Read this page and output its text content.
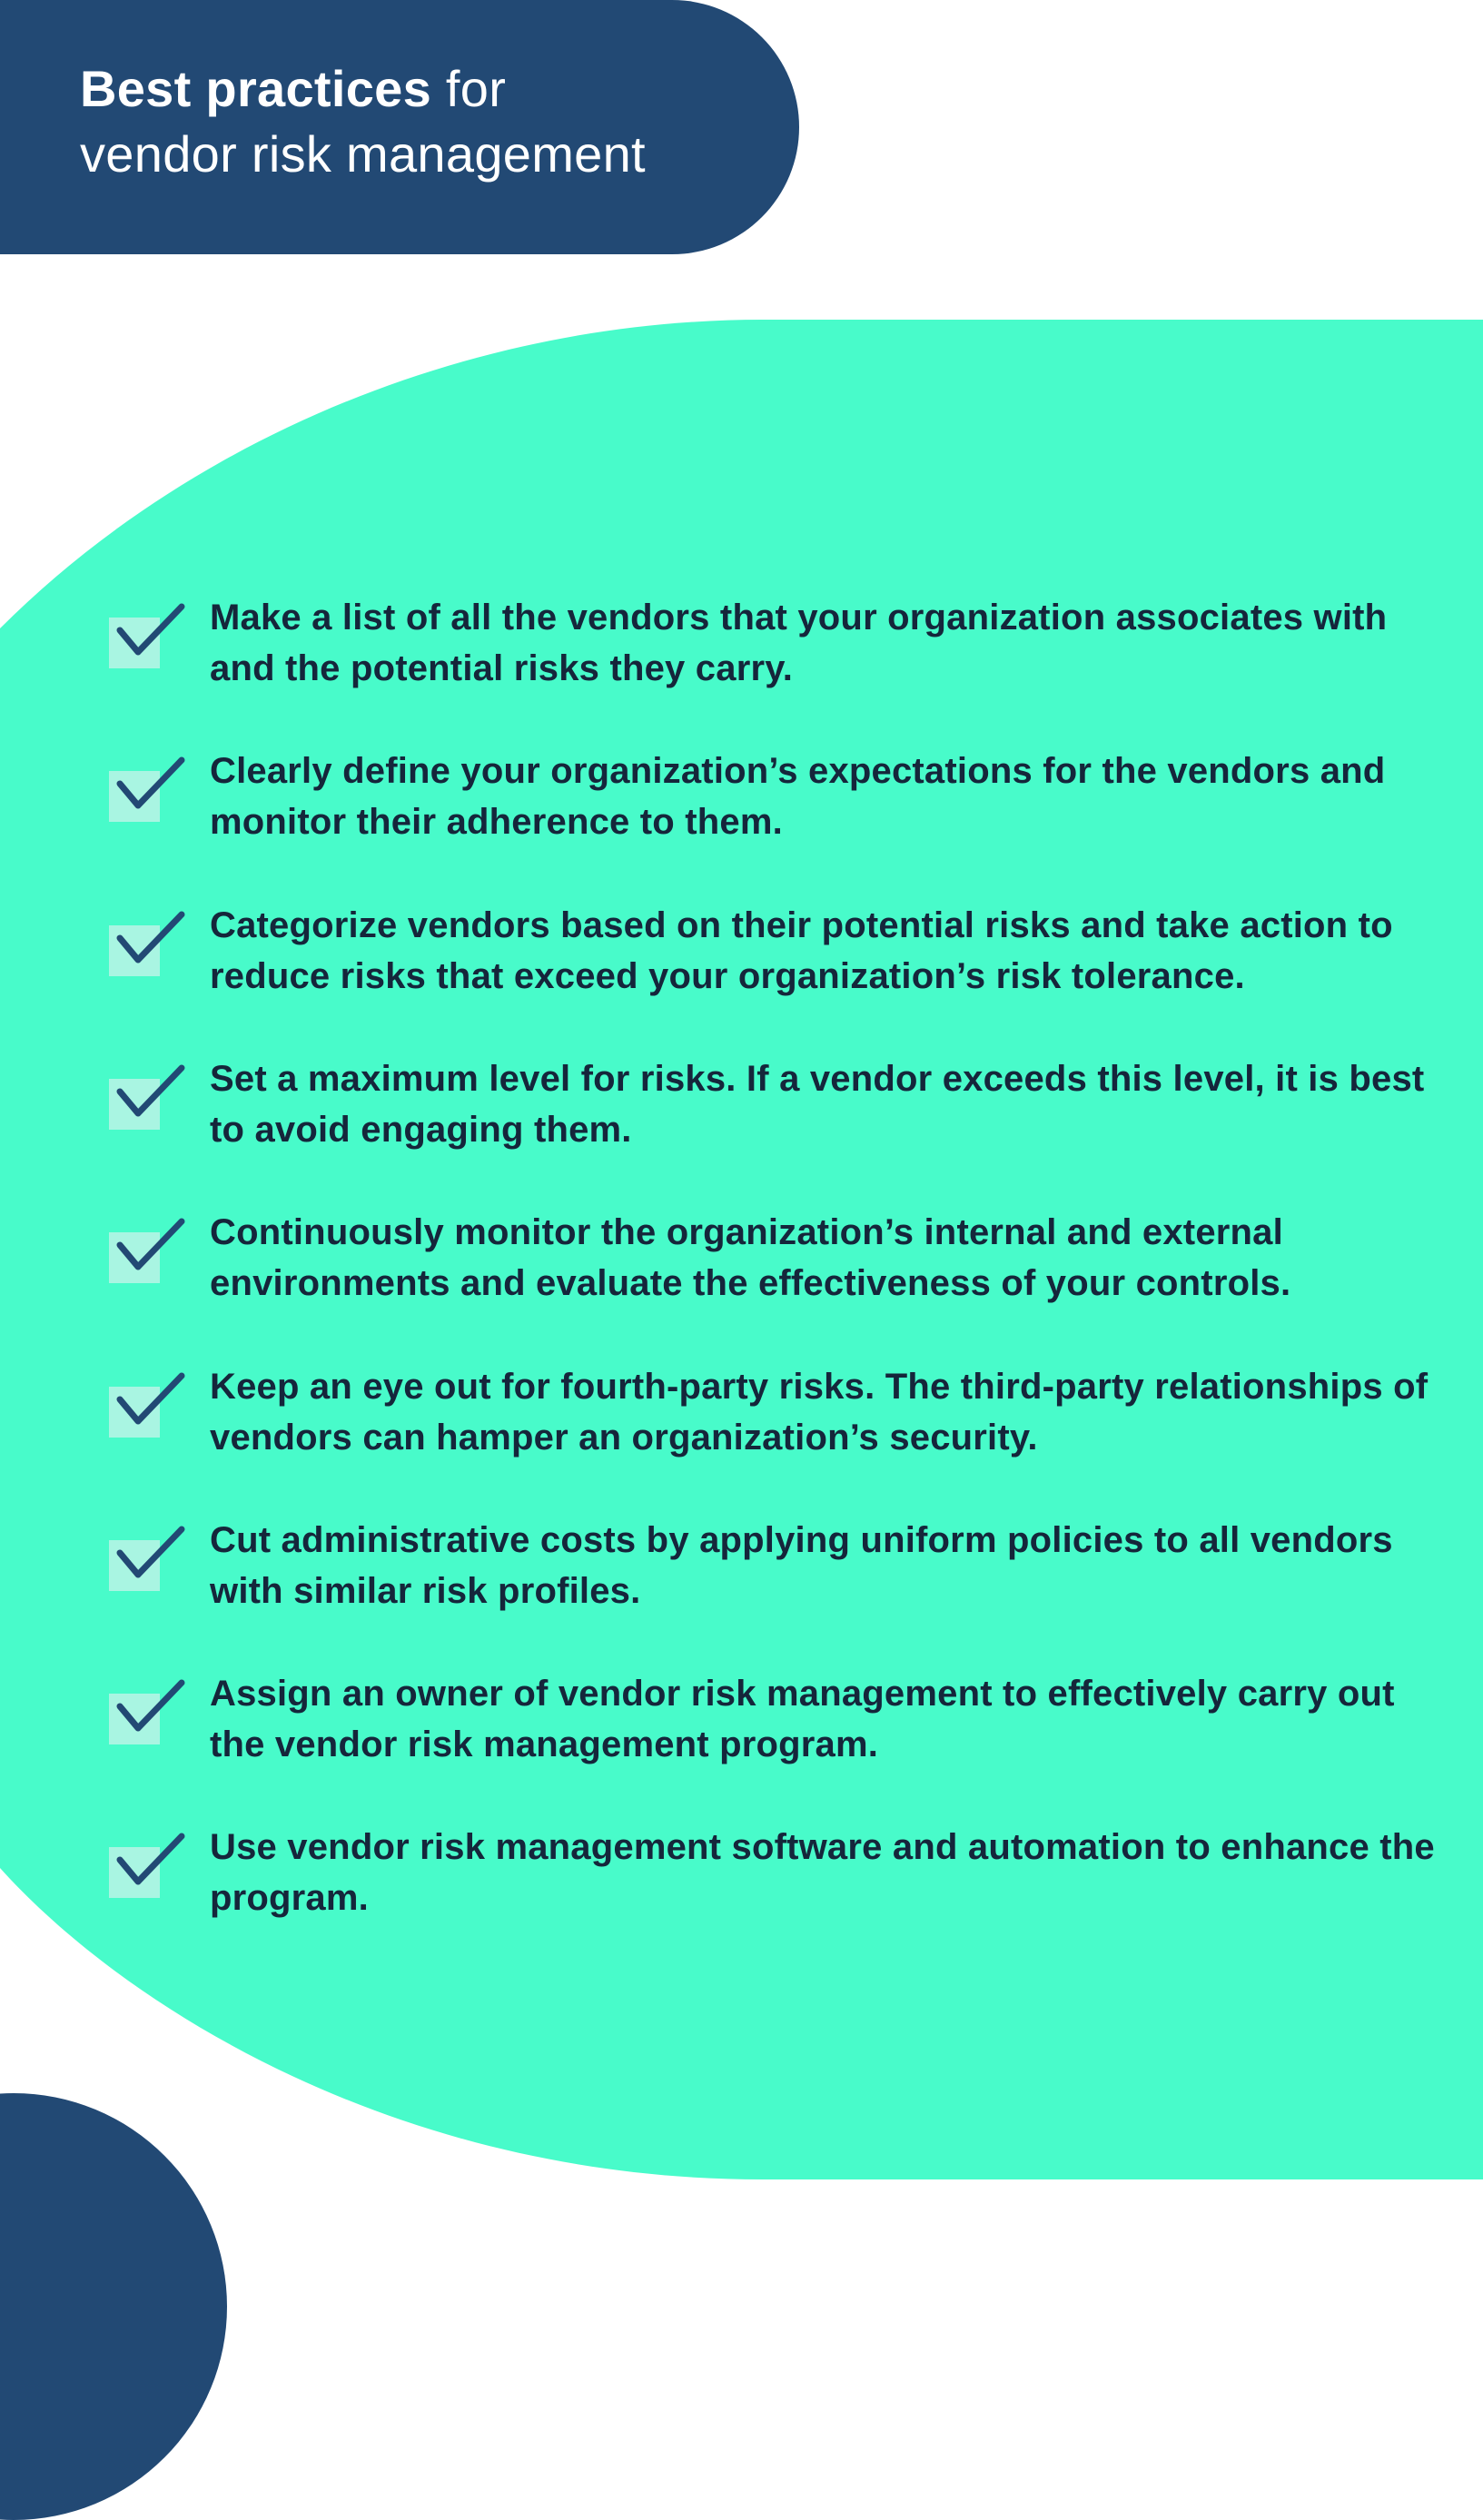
Best practices for
vendor risk management
Make a list of all the vendors that your organization associates with and the potential risks they carry.
Clearly define your organization’s expectations for the vendors and monitor their adherence to them.
Categorize vendors based on their potential risks and take action to reduce risks that exceed your organization’s risk tolerance.
Set a maximum level for risks. If a vendor exceeds this level, it is best to avoid engaging them.
Continuously monitor the organization’s internal and external environments and evaluate the effectiveness of your controls.
Keep an eye out for fourth-party risks. The third-party relationships of vendors can hamper an organization’s security.
Cut administrative costs by applying uniform policies to all vendors with similar risk profiles.
Assign an owner of vendor risk management to effectively carry out the vendor risk management program.
Use vendor risk management software and automation to enhance the program.
